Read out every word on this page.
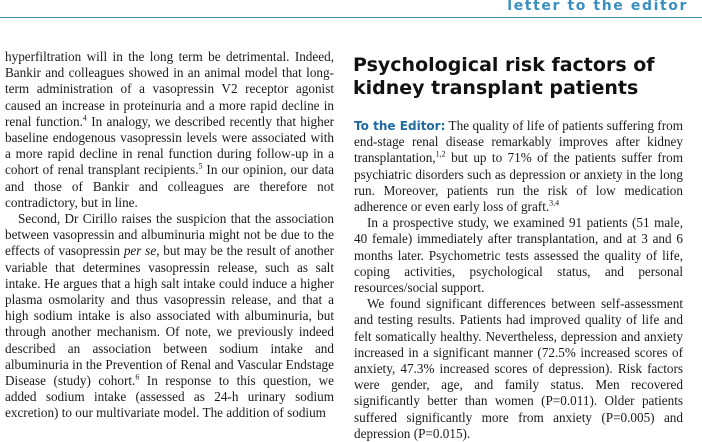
letter to the editor

hyperfiltration will in the long term be detrimental. Indeed, Bankir and colleagues showed in an animal model that long-term administration of a vasopressin V2 receptor agonist caused an increase in proteinuria and a more rapid decline in renal function.$^4$ In analogy, we described recently that higher baseline endogenous vasopressin levels were associated with a more rapid decline in renal function during follow-up in a cohort of renal transplant recipients.$^5$ In our opinion, our data and those of Bankir and colleagues are therefore not contradictory, but in line.

Second, Dr Cirillo raises the suspicion that the association between vasopressin and albuminuria might not be due to the effects of vasopressin per se, but may be the result of another variable that determines vasopressin release, such as salt intake. He argues that a high salt intake could induce a higher plasma osmolarity and thus vasopressin release, and that a high sodium intake is also associated with albuminuria, but through another mechanism. Of note, we previously indeed described an association between sodium intake and albuminuria in the Prevention of Renal and Vascular Endstage Disease (study) cohort.$^6$ In response to this question, we added sodium intake (assessed as 24-h urinary sodium excretion) to our multivariate model. The addition of sodium

Psychological risk factors of kidney transplant patients

To the Editor: The quality of life of patients suffering from end-stage renal disease remarkably improves after kidney transplantation,$^{1,2}$ but up to 71% of the patients suffer from psychiatric disorders such as depression or anxiety in the long run. Moreover, patients run the risk of low medication adherence or even early loss of graft.$^{3,4}$

In a prospective study, we examined 91 patients (51 male, 40 female) immediately after transplantation, and at 3 and 6 months later. Psychometric tests assessed the quality of life, coping activities, psychological status, and personal resources/social support.

We found significant differences between self-assessment and testing results. Patients had improved quality of life and felt somatically healthy. Nevertheless, depression and anxiety increased in a significant manner (72.5% increased scores of anxiety, 47.3% increased scores of depression). Risk factors were gender, age, and family status. Men recovered significantly better than women (P=0.011). Older patients suffered significantly more from anxiety (P=0.005) and depression (P=0.015).
